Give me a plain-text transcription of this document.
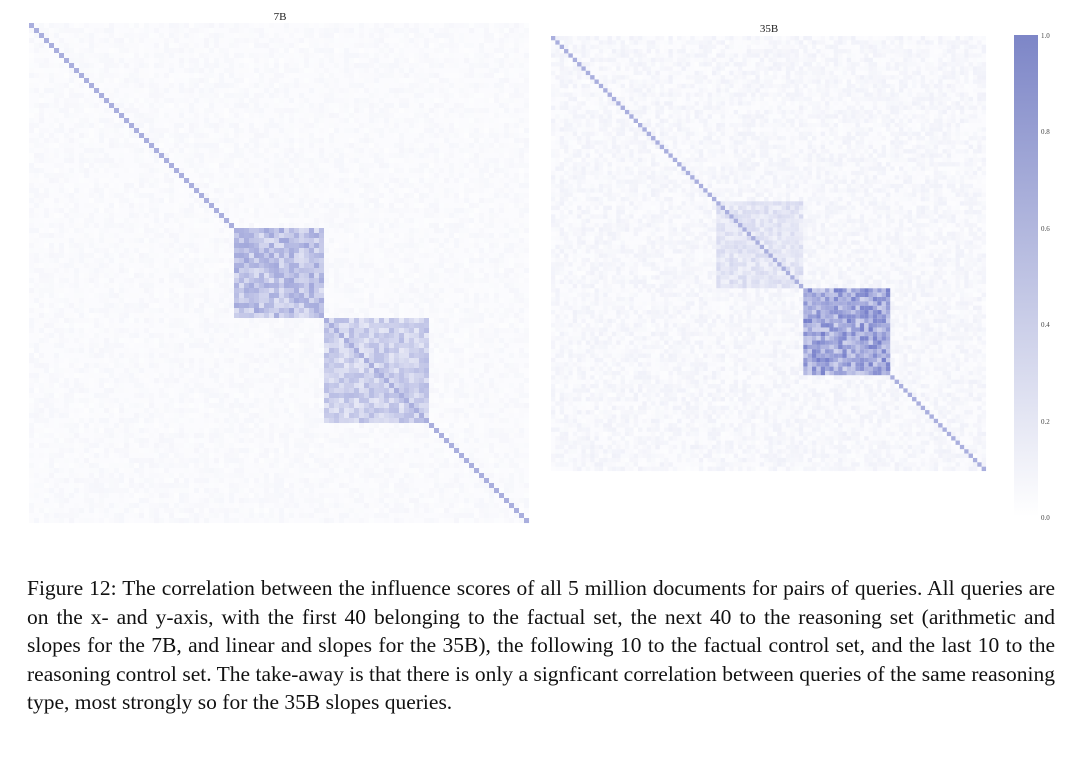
7B
35B
1.0
0.8
0.6
0.4
0.2
0.0
Figure 12: The correlation between the influence scores of all 5 million documents for pairs of queries. All queries are on the x- and y-axis, with the first 40 belonging to the factual set, the next 40 to the reasoning set (arithmetic and slopes for the 7B, and linear and slopes for the 35B), the following 10 to the factual control set, and the last 10 to the reasoning control set. The take-away is that there is only a signficant correlation between queries of the same reasoning type, most strongly so for the 35B slopes queries.
